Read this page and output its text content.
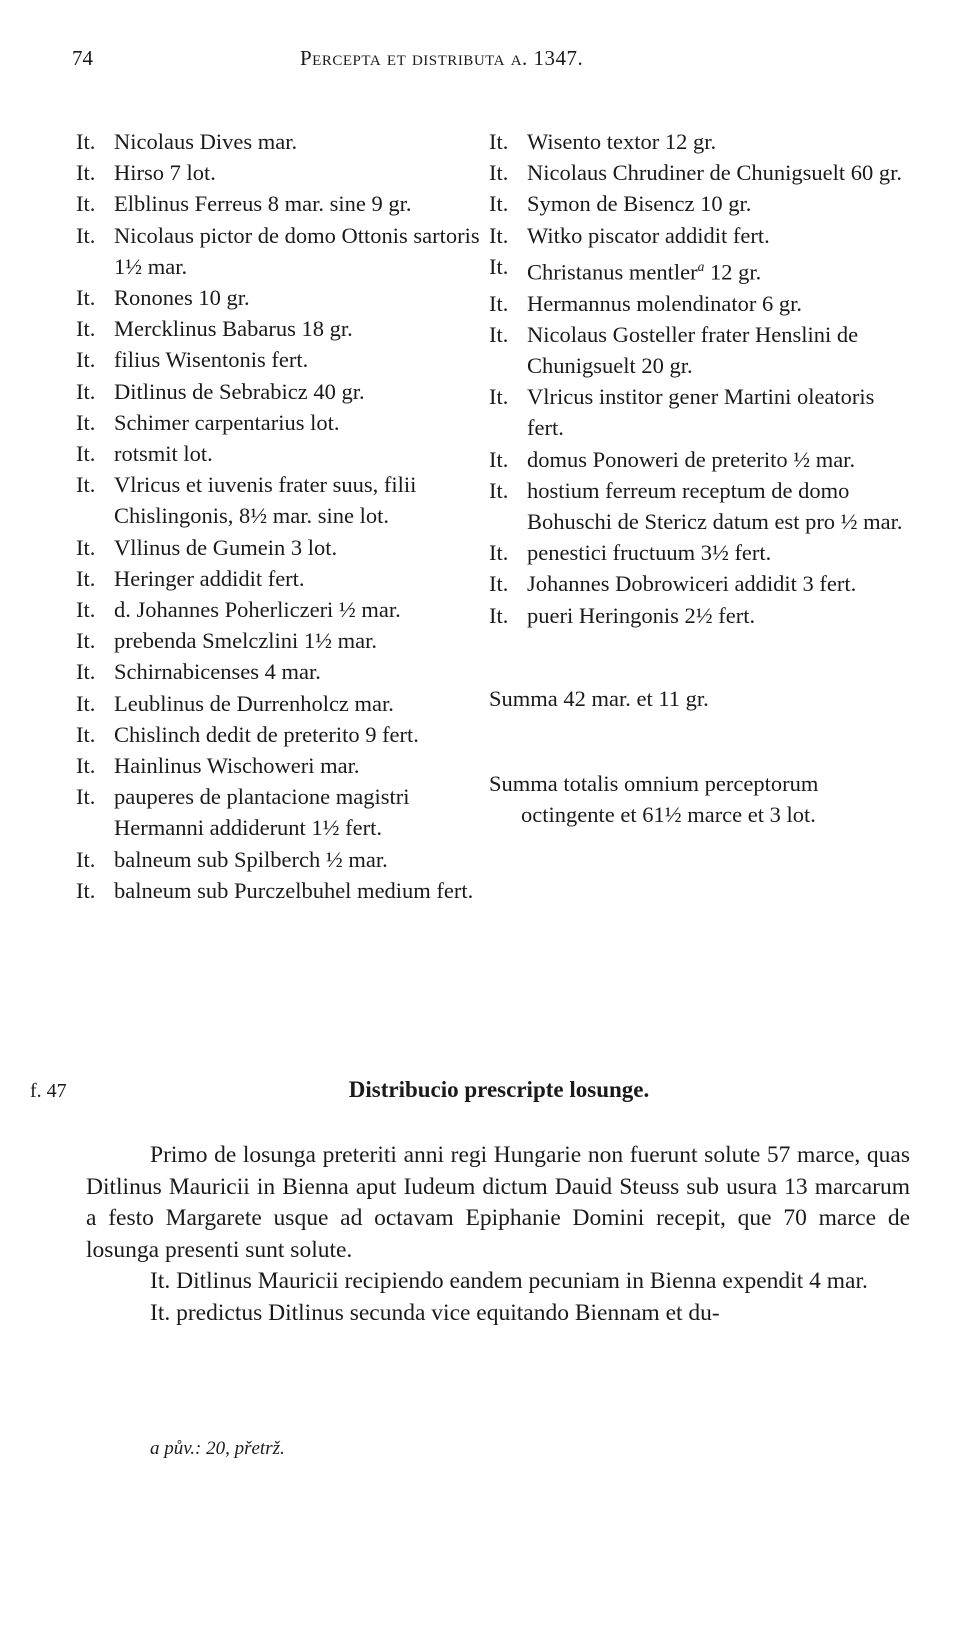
74	Percepta et distributa a. 1347.
It. Nicolaus Dives mar.
It. Hirso 7 lot.
It. Elblinus Ferreus 8 mar. sine 9 gr.
It. Nicolaus pictor de domo Ottonis sartoris 1½ mar.
It. Ronones 10 gr.
It. Mercklinus Babarus 18 gr.
It. filius Wisentonis fert.
It. Ditlinus de Sebrabicz 40 gr.
It. Schimer carpentarius lot.
It. rotsmit lot.
It. Vlricus et iuvenis frater suus, filii Chislingonis, 8½ mar. sine lot.
It. Vllinus de Gumein 3 lot.
It. Heringer addidit fert.
It. d. Johannes Poherliczeri ½ mar.
It. prebenda Smelczlini 1½ mar.
It. Schirnabicenses 4 mar.
It. Leublinus de Durrenholcz mar.
It. Chislinch dedit de preterito 9 fert.
It. Hainlinus Wischoweri mar.
It. pauperes de plantacione magistri Hermanni addiderunt 1½ fert.
It. balneum sub Spilberch ½ mar.
It. balneum sub Purczelbuhel medium fert.
It. Wisento textor 12 gr.
It. Nicolaus Chrudiner de Chunigsuelt 60 gr.
It. Symon de Bisencz 10 gr.
It. Witko piscator addidit fert.
It. Christanus mentler$^a$ 12 gr.
It. Hermannus molendinator 6 gr.
It. Nicolaus Gosteller frater Henslini de Chunigsuelt 20 gr.
It. Vlricus institor gener Martini oleatoris fert.
It. domus Ponoweri de preterito ½ mar.
It. hostium ferreum receptum de domo Bohuschi de Stericz datum est pro ½ mar.
It. penestici fructuum 3½ fert.
It. Johannes Dobrowiceri addidit 3 fert.
It. pueri Heringonis 2½ fert.
Summa 42 mar. et 11 gr.
Summa totalis omnium perceptorum
octingente et 61½ marce et 3 lot.
f. 47	Distribucio prescripte losunge.

Primo de losunga preteriti anni regi Hungarie non fuerunt solute 57 marce, quas Ditlinus Mauricii in Bienna aput Iudeum dictum Dauid Steuss sub usura 13 marcarum a festo Margarete usque ad octavam Epiphanie Domini recepit, que 70 marce de losunga presenti sunt solute.

It. Ditlinus Mauricii recipiendo eandem pecuniam in Bienna expendit 4 mar.

It. predictus Ditlinus secunda vice equitando Biennam et du-

a pův.: 20, přetrž.
